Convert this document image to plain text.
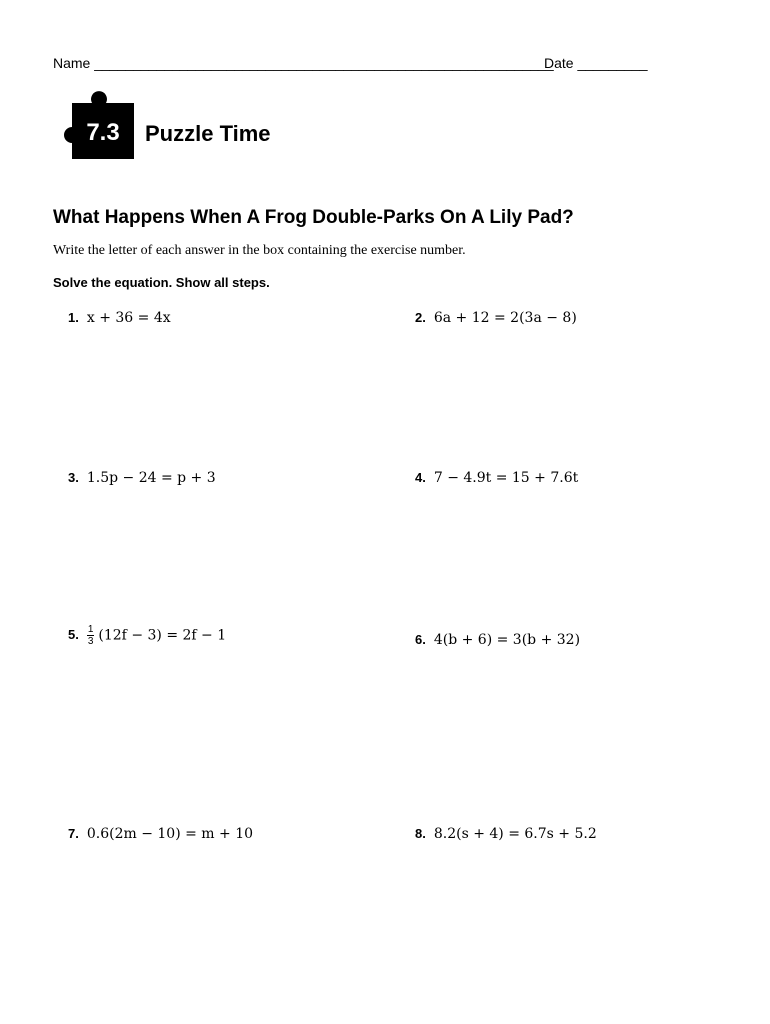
Name ___________________________________________________________
Date _________
7.3	Puzzle Time
What Happens When A Frog Double-Parks On A Lily Pad?
Write the letter of each answer in the box containing the exercise number.
Solve the equation. Show all steps.
1. x + 36 = 4x	2. 6a + 12 = 2(3a − 8)
3. 1.5p − 24 = p + 3	4. 7 − 4.9t = 15 + 7.6t
5. $\frac{1}{3} (12f - 3) = 2f - 1$	6. 4(b + 6) = 3(b + 32)
7. 0.6(2m − 10) = m + 10	8. 8.2(s + 4) = 6.7s + 5.2
